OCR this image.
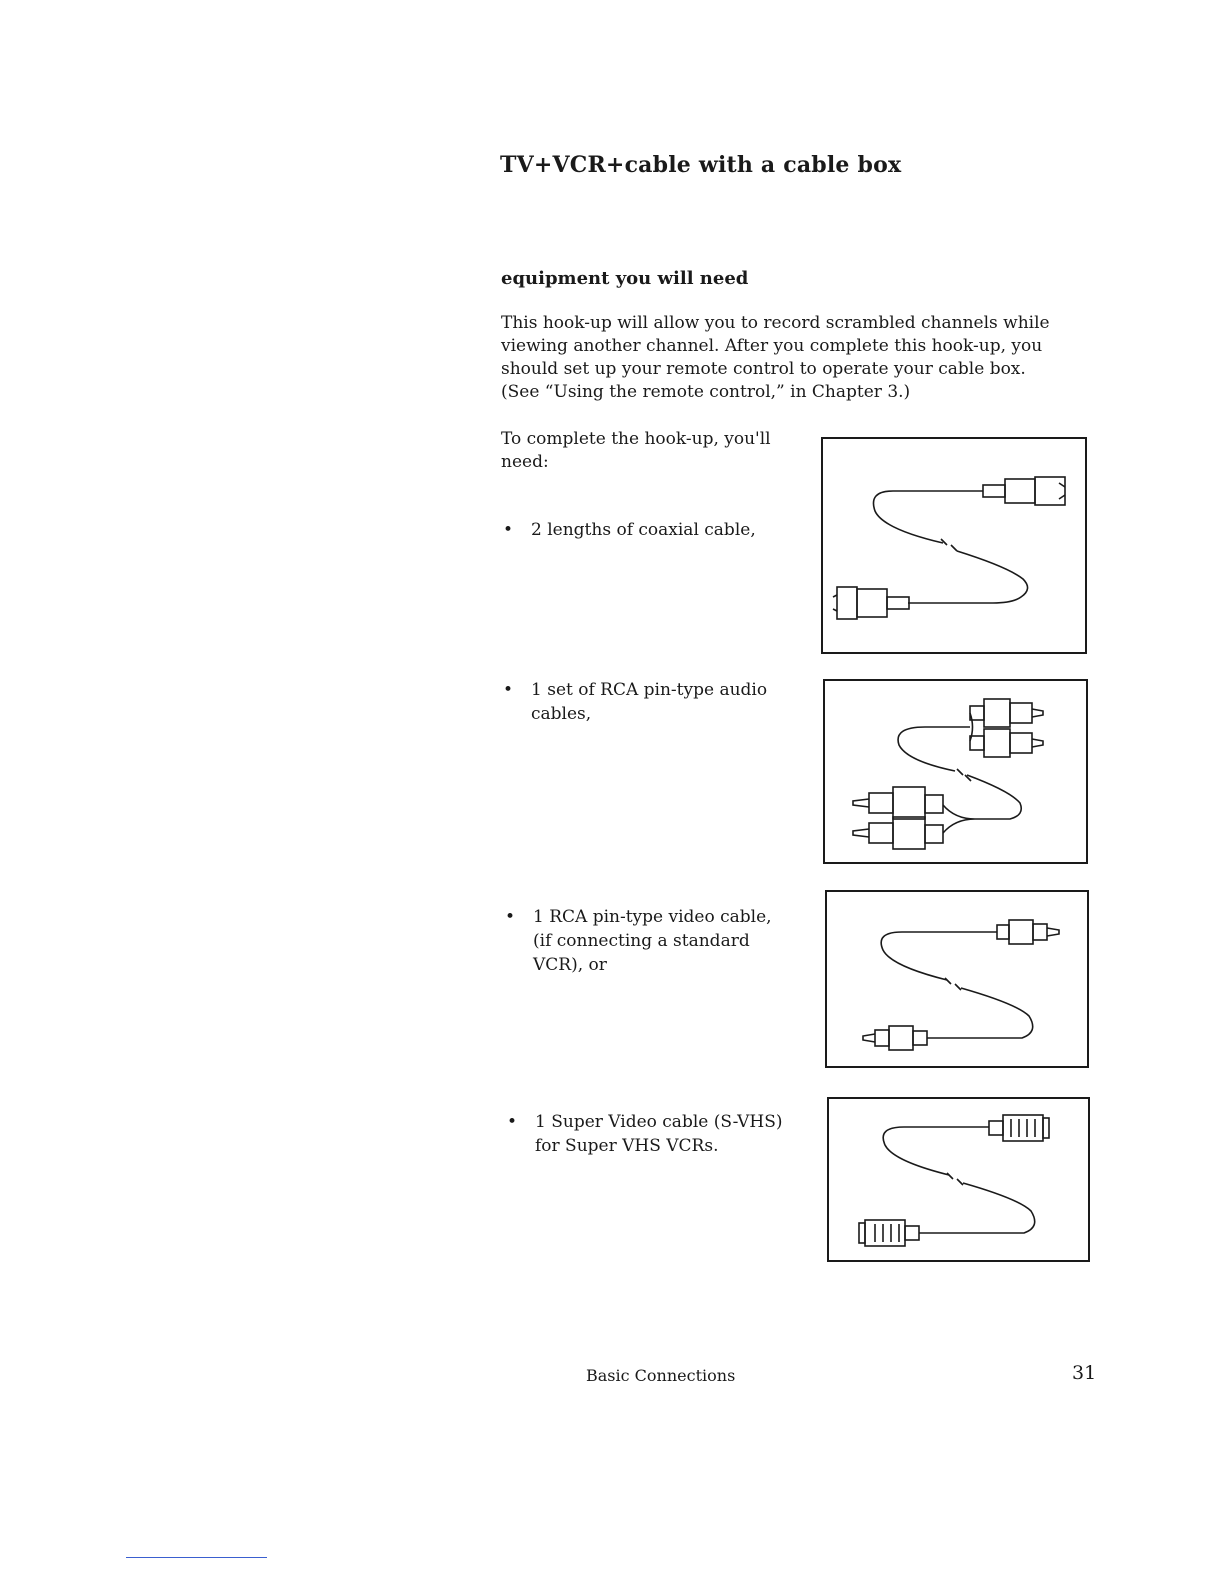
TV+VCR+cable with a cable box
equipment you will need
This hook-up will allow you to record scrambled channels while viewing another channel. After you complete this hook-up, you should set up your remote control to operate your cable box. (See “Using the remote control,” in Chapter 3.)
To complete the hook-up, you'll need:
• 2 lengths of coaxial cable,
• 1 set of RCA pin-type audio cables,
• 1 RCA pin-type video cable, (if connecting a standard VCR), or
• 1 Super Video cable (S-VHS) for Super VHS VCRs.
Basic Connections	31
